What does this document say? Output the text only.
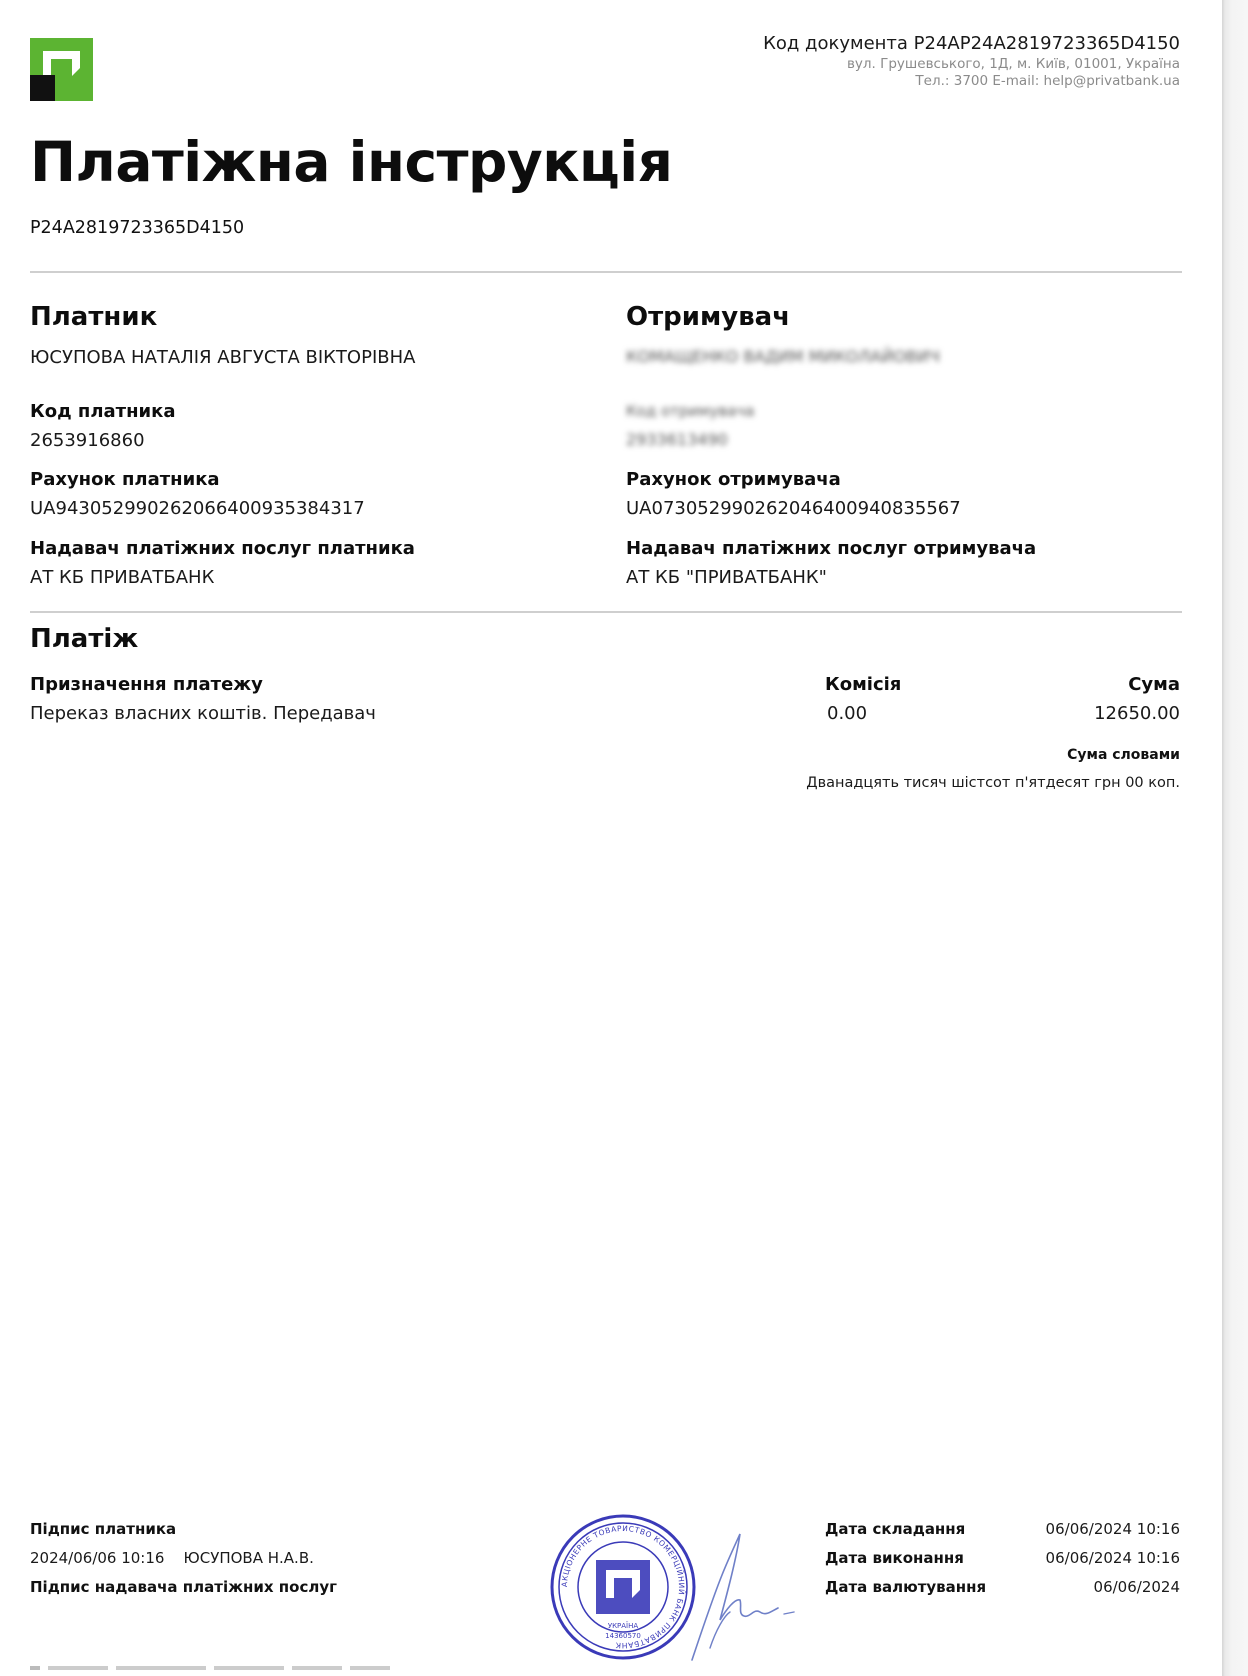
Код документа P24AP24A2819723365D4150
вул. Грушевського, 1Д, м. Київ, 01001, Україна
Тел.: 3700 E-mail: help@privatbank.ua
Платіжна інструкція
P24A2819723365D4150
Платник
ЮСУПОВА НАТАЛІЯ АВГУСТА ВІКТОРІВНА
Код платника
2653916860
Рахунок платника
UA943052990262066400935384317
Надавач платіжних послуг платника
АТ КБ ПРИВАТБАНК
Отримувач
КОМАЩЕНКО ВАДИМ МИКОЛАЙОВИЧ
Код отримувача
2933613490
Рахунок отримувача
UA073052990262046400940835567
Надавач платіжних послуг отримувача
АТ КБ "ПРИВАТБАНК"
Платіж
Призначення платежу
Переказ власних коштів. Передавач
Комісія
0.00
Сума
12650.00
Сума словами
Дванадцять тисяч шістсот п'ятдесят грн 00 коп.
Підпис платника
2024/06/06 10:16    ЮСУПОВА Н.А.В.
Підпис надавача платіжних послуг	АКЦІОНЕРНЕ ТОВАРИСТВО КОМЕРЦІЙНИЙ БАНК ПРИВАТБАНК
УКРАЇНА
14360570
Дата складання	06/06/2024 10:16
Дата виконання	06/06/2024 10:16
Дата валютування	06/06/2024
